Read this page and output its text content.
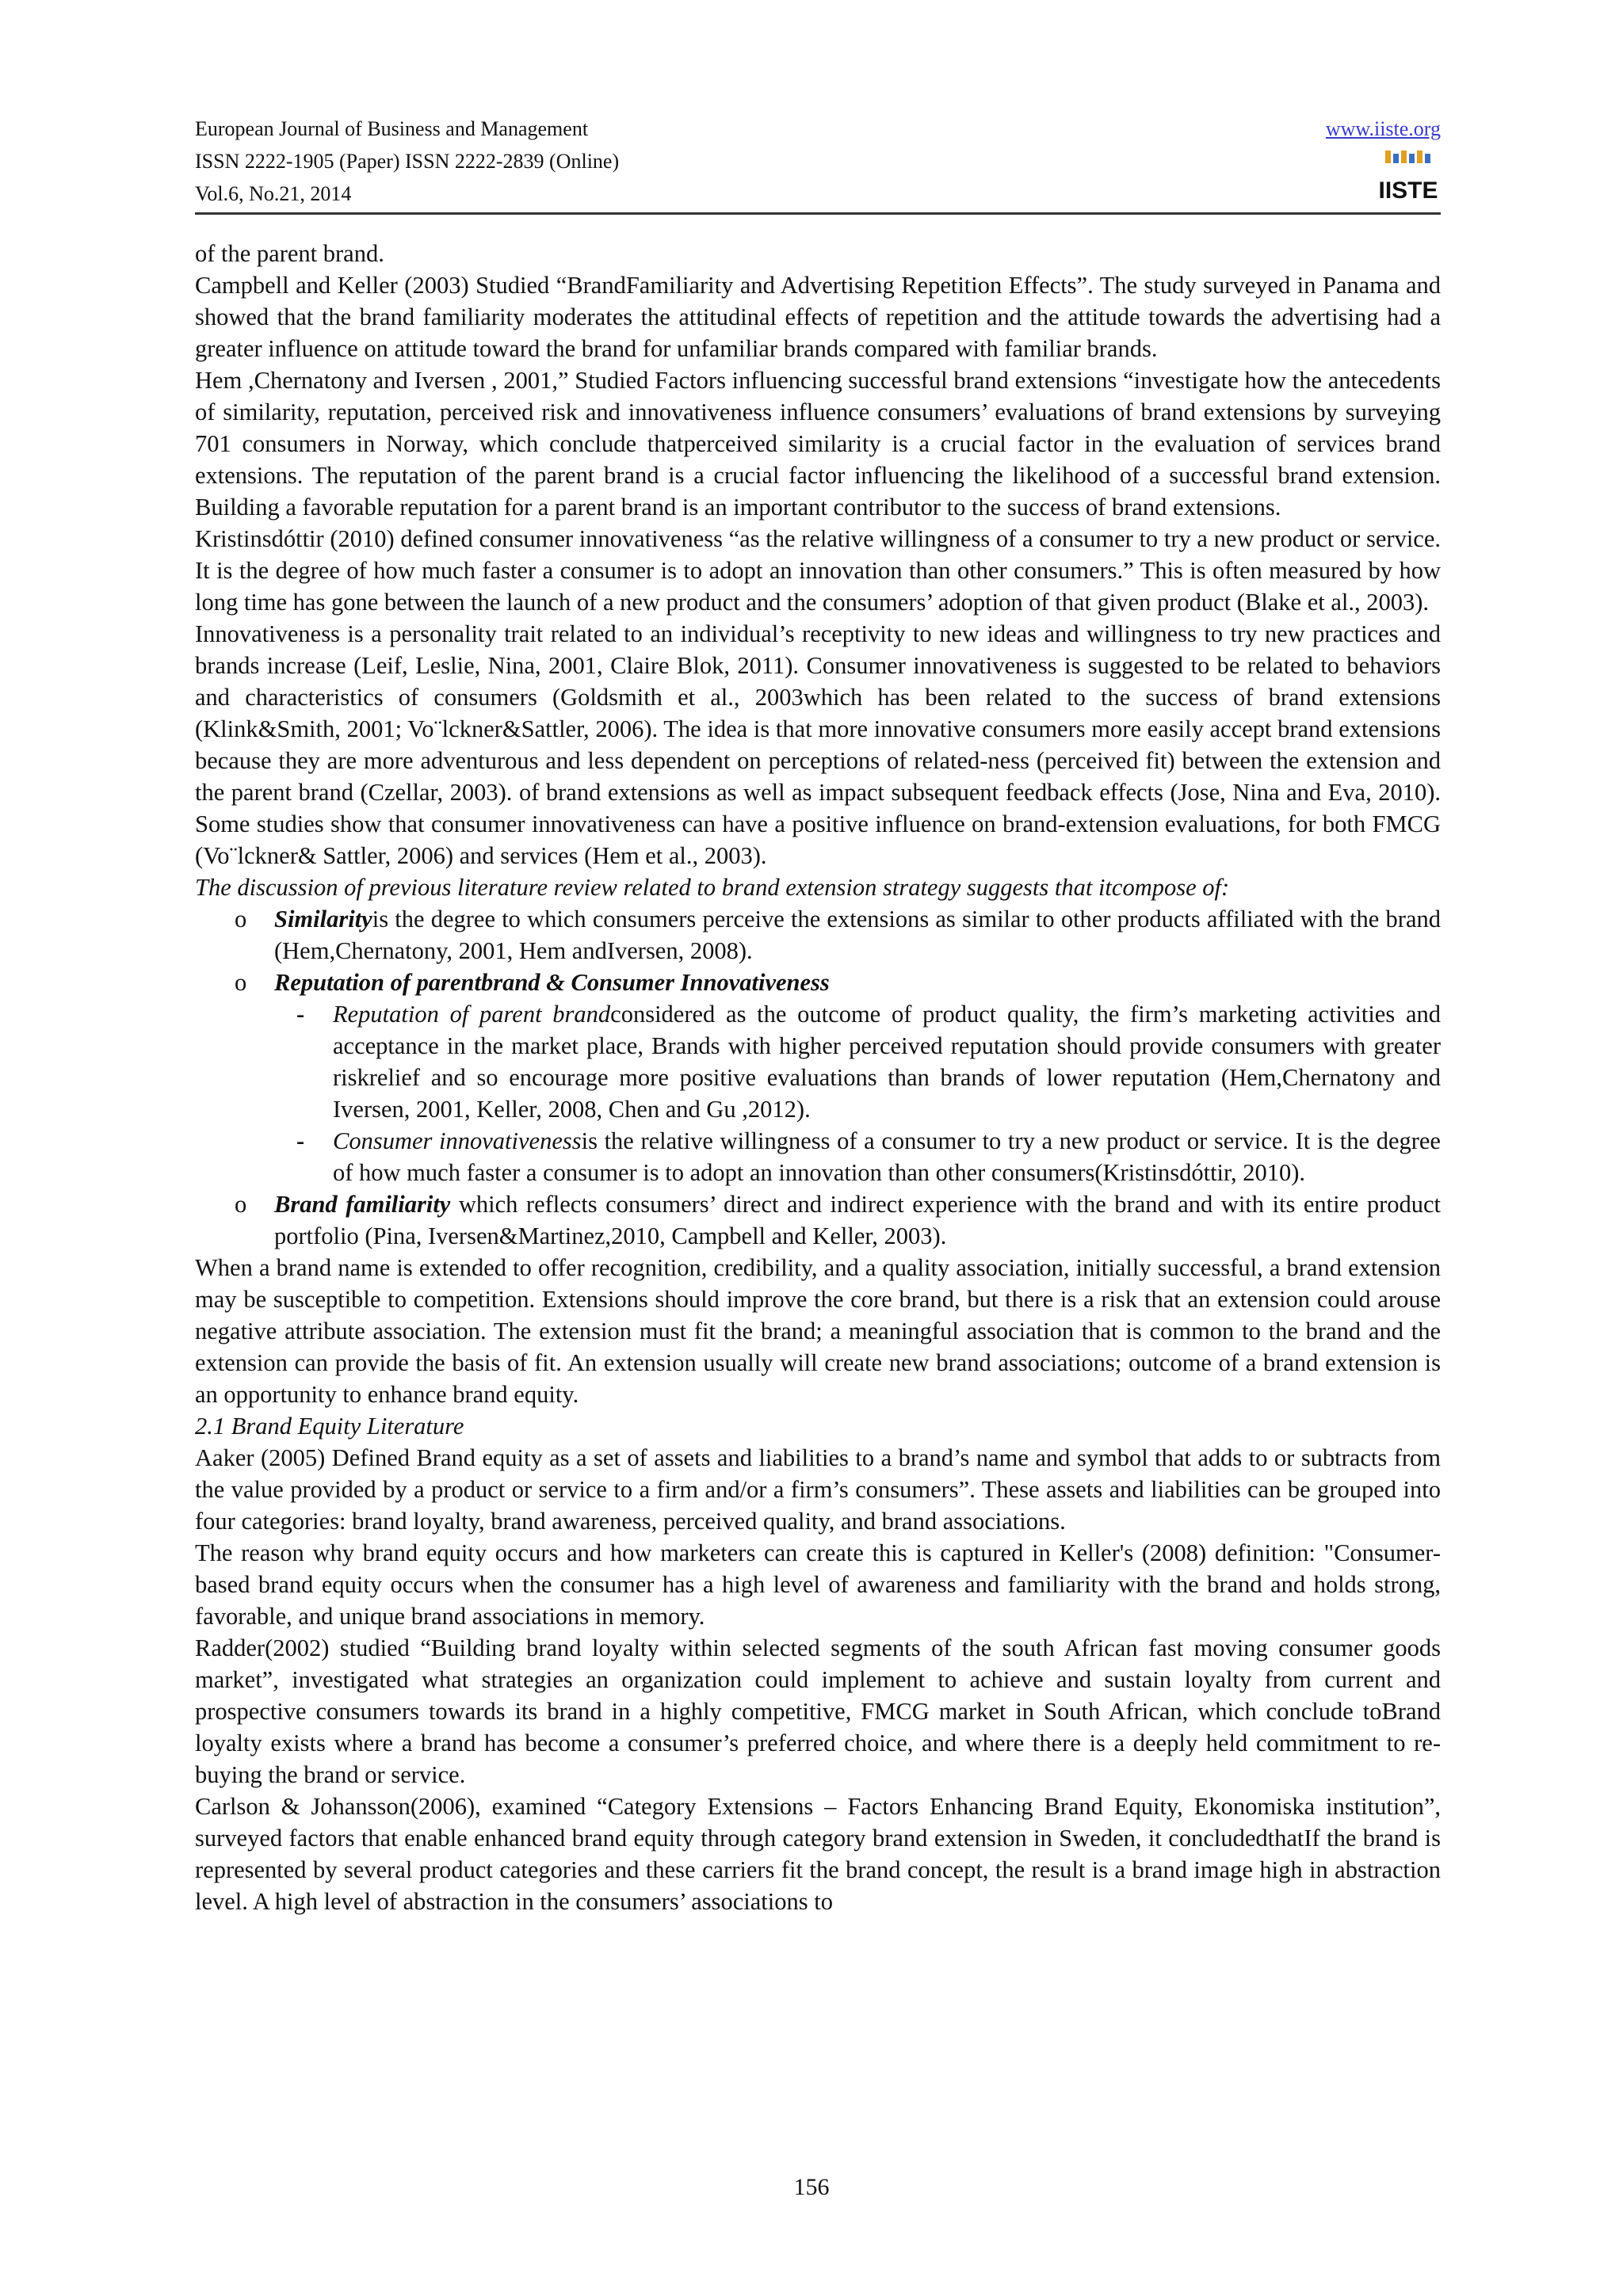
European Journal of Business and Management
ISSN 2222-1905 (Paper) ISSN 2222-2839 (Online)
Vol.6, No.21, 2014
www.iiste.org
IISTE

of the parent brand.

Campbell and Keller (2003) Studied “BrandFamiliarity and Advertising Repetition Effects”. The study surveyed in Panama and showed that the brand familiarity moderates the attitudinal effects of repetition and the attitude towards the advertising had a greater influence on attitude toward the brand for unfamiliar brands compared with familiar brands.

Hem ,Chernatony and Iversen , 2001,” Studied Factors influencing successful brand extensions “investigate how the antecedents of similarity, reputation, perceived risk and innovativeness influence consumers’ evaluations of brand extensions by surveying 701 consumers in Norway, which conclude thatperceived similarity is a crucial factor in the evaluation of services brand extensions. The reputation of the parent brand is a crucial factor influencing the likelihood of a successful brand extension. Building a favorable reputation for a parent brand is an important contributor to the success of brand extensions.

Kristinsdóttir (2010) defined consumer innovativeness “as the relative willingness of a consumer to try a new product or service. It is the degree of how much faster a consumer is to adopt an innovation than other consumers.” This is often measured by how long time has gone between the launch of a new product and the consumers’ adoption of that given product (Blake et al., 2003).

Innovativeness is a personality trait related to an individual’s receptivity to new ideas and willingness to try new practices and brands increase (Leif, Leslie, Nina, 2001, Claire Blok, 2011). Consumer innovativeness is suggested to be related to behaviors and characteristics of consumers (Goldsmith et al., 2003which has been related to the success of brand extensions (Klink&Smith, 2001; Vo¨lckner&Sattler, 2006). The idea is that more innovative consumers more easily accept brand extensions because they are more adventurous and less dependent on perceptions of related-ness (perceived fit) between the extension and the parent brand (Czellar, 2003). of brand extensions as well as impact subsequent feedback effects (Jose, Nina and Eva, 2010). Some studies show that consumer innovativeness can have a positive influence on brand-extension evaluations, for both FMCG (Vo¨lckner& Sattler, 2006) and services (Hem et al., 2003).

The discussion of previous literature review related to brand extension strategy suggests that itcompose of:

o Similarityis the degree to which consumers perceive the extensions as similar to other products affiliated with the brand (Hem,Chernatony, 2001, Hem andIversen, 2008).
o Reputation of parentbrand & Consumer Innovativeness
- Reputation of parent brandconsidered as the outcome of product quality, the firm’s marketing activities and acceptance in the market place, Brands with higher perceived reputation should provide consumers with greater riskrelief and so encourage more positive evaluations than brands of lower reputation (Hem,Chernatony and Iversen, 2001, Keller, 2008, Chen and Gu ,2012).
- Consumer innovativenessis the relative willingness of a consumer to try a new product or service. It is the degree of how much faster a consumer is to adopt an innovation than other consumers(Kristinsdóttir, 2010).
o Brand familiarity which reflects consumers’ direct and indirect experience with the brand and with its entire product portfolio (Pina, Iversen&Martinez,2010, Campbell and Keller, 2003).

When a brand name is extended to offer recognition, credibility, and a quality association, initially successful, a brand extension may be susceptible to competition. Extensions should improve the core brand, but there is a risk that an extension could arouse negative attribute association. The extension must fit the brand; a meaningful association that is common to the brand and the extension can provide the basis of fit. An extension usually will create new brand associations; outcome of a brand extension is an opportunity to enhance brand equity.

2.1 Brand Equity Literature

Aaker (2005) Defined Brand equity as a set of assets and liabilities to a brand’s name and symbol that adds to or subtracts from the value provided by a product or service to a firm and/or a firm’s consumers”. These assets and liabilities can be grouped into four categories: brand loyalty, brand awareness, perceived quality, and brand associations.

The reason why brand equity occurs and how marketers can create this is captured in Keller's (2008) definition: "Consumer-based brand equity occurs when the consumer has a high level of awareness and familiarity with the brand and holds strong, favorable, and unique brand associations in memory.

Radder(2002) studied “Building brand loyalty within selected segments of the south African fast moving consumer goods market”, investigated what strategies an organization could implement to achieve and sustain loyalty from current and prospective consumers towards its brand in a highly competitive, FMCG market in South African, which conclude toBrand loyalty exists where a brand has become a consumer’s preferred choice, and where there is a deeply held commitment to re-buying the brand or service.

Carlson & Johansson(2006), examined “Category Extensions – Factors Enhancing Brand Equity, Ekonomiska institution”, surveyed factors that enable enhanced brand equity through category brand extension in Sweden, it concludedthatIf the brand is represented by several product categories and these carriers fit the brand concept, the result is a brand image high in abstraction level. A high level of abstraction in the consumers’ associations to

156
